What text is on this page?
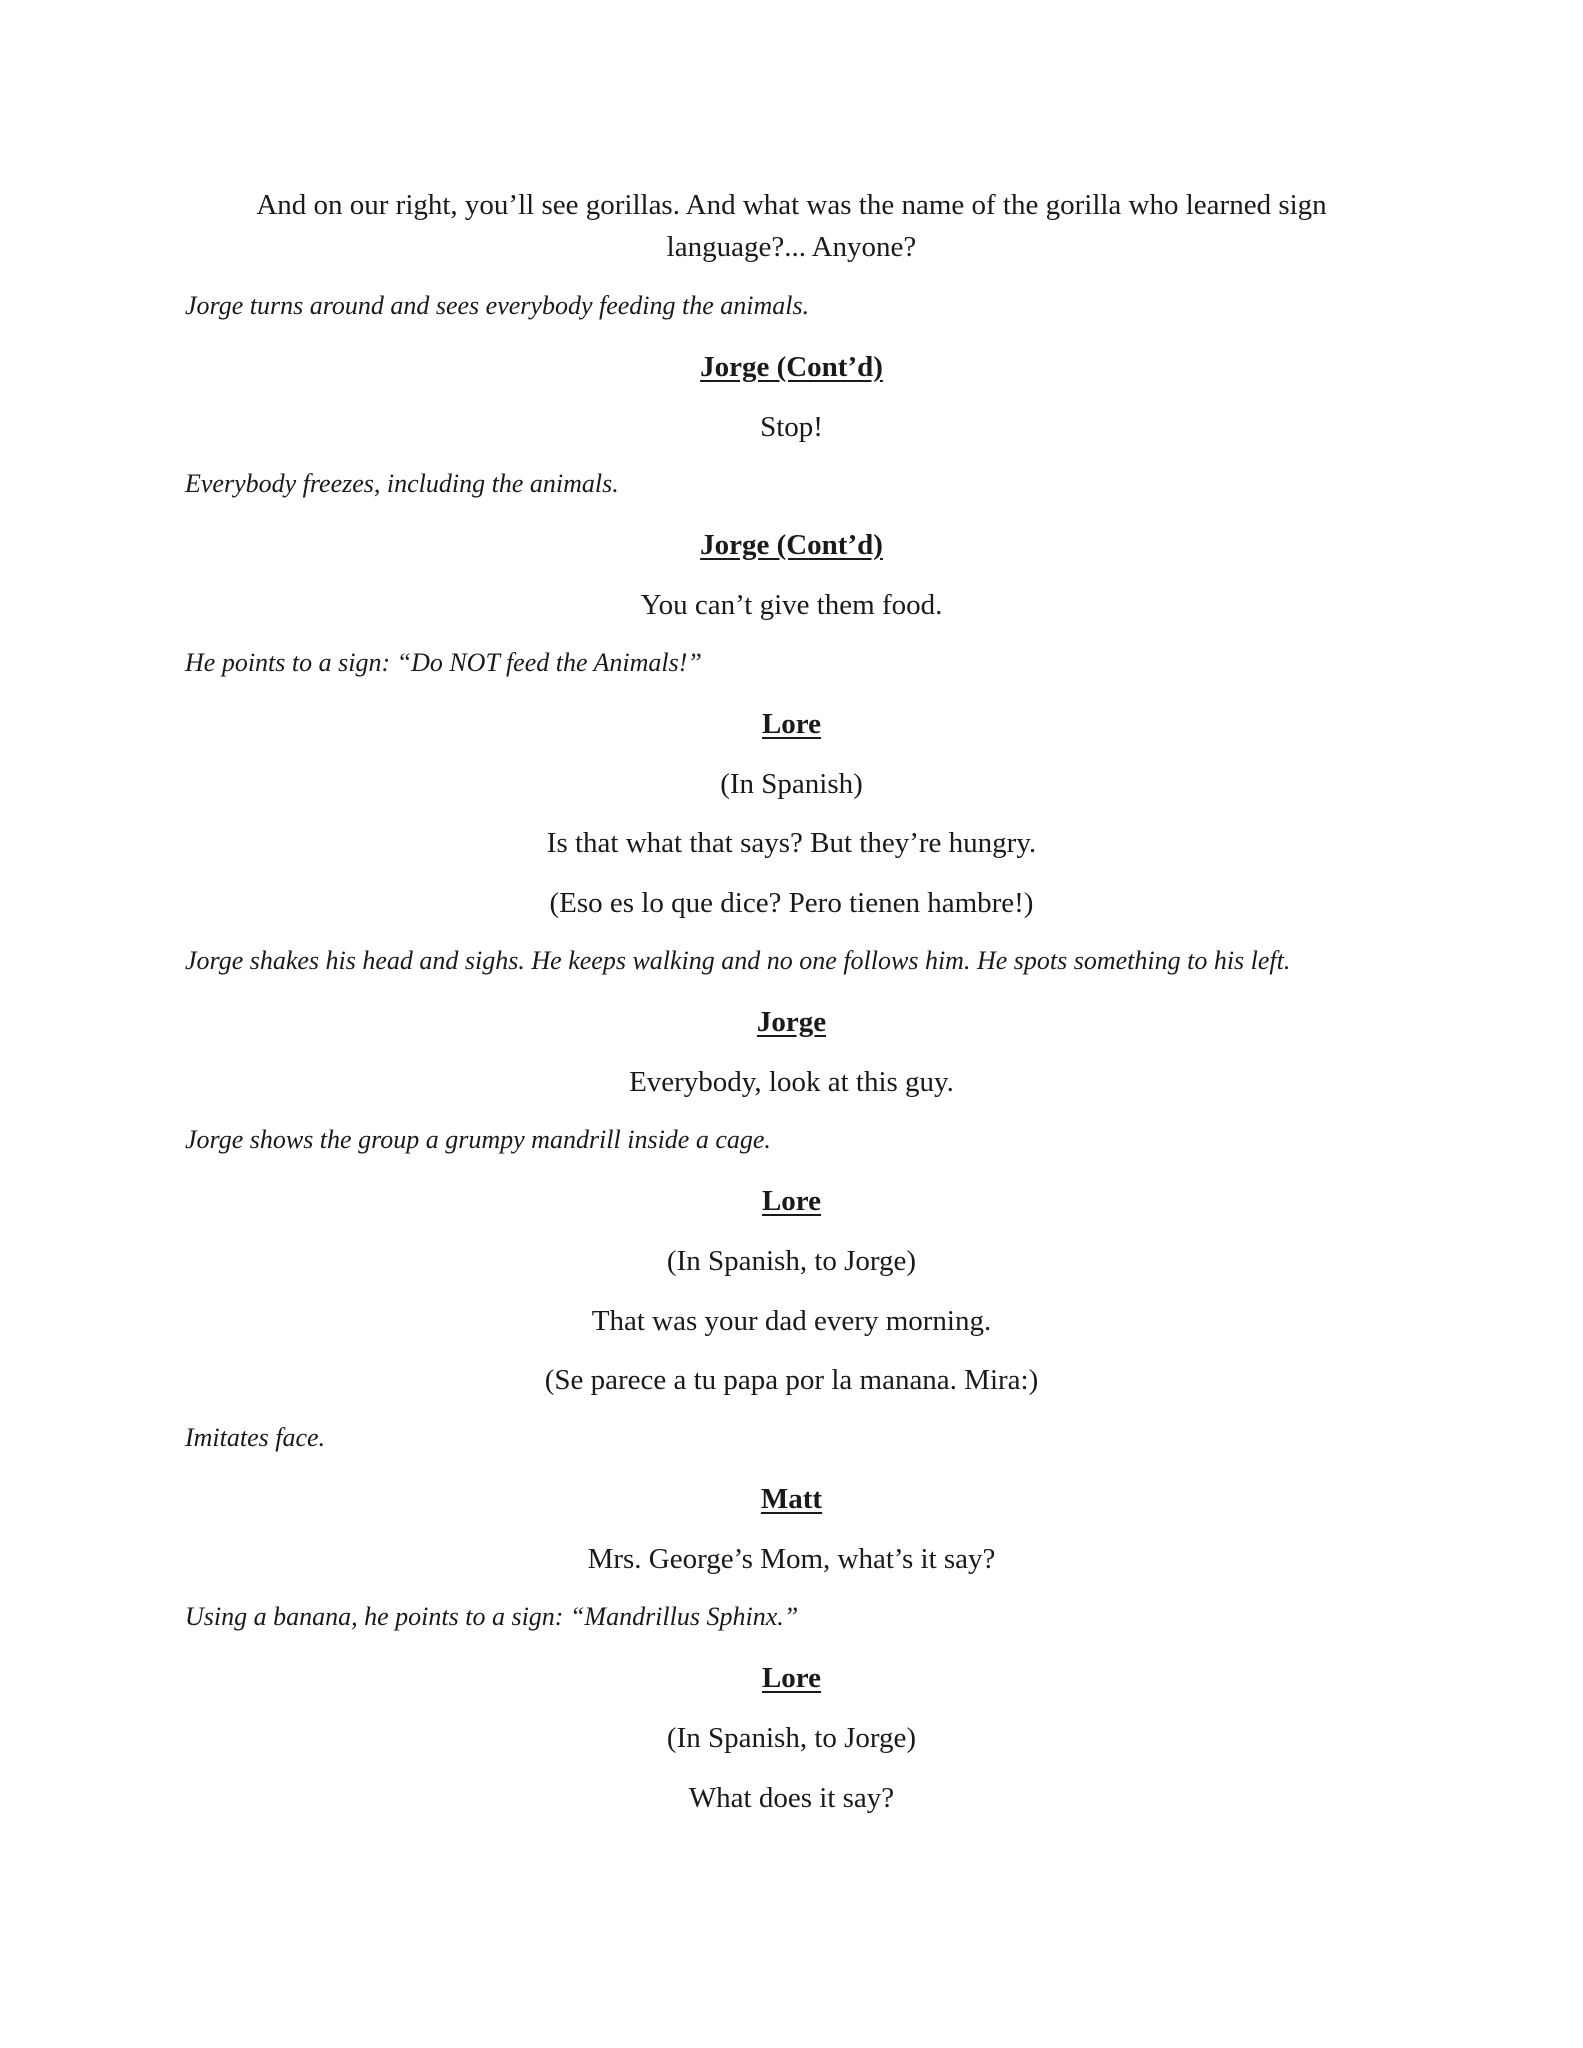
And on our right, you’ll see gorillas. And what was the name of the gorilla who learned sign
language?... Anyone?
Jorge turns around and sees everybody feeding the animals.
Jorge (Cont’d)
Stop!
Everybody freezes, including the animals.
Jorge (Cont’d)
You can’t give them food.
He points to a sign: “Do NOT feed the Animals!”
Lore
(In Spanish)
Is that what that says? But they’re hungry.
(Eso es lo que dice? Pero tienen hambre!)
Jorge shakes his head and sighs. He keeps walking and no one follows him. He spots something to his left.
Jorge
Everybody, look at this guy.
Jorge shows the group a grumpy mandrill inside a cage.
Lore
(In Spanish, to Jorge)
That was your dad every morning.
(Se parece a tu papa por la manana. Mira:)
Imitates face.
Matt
Mrs. George’s Mom, what’s it say?
Using a banana, he points to a sign: “Mandrillus Sphinx.”
Lore
(In Spanish, to Jorge)
What does it say?
